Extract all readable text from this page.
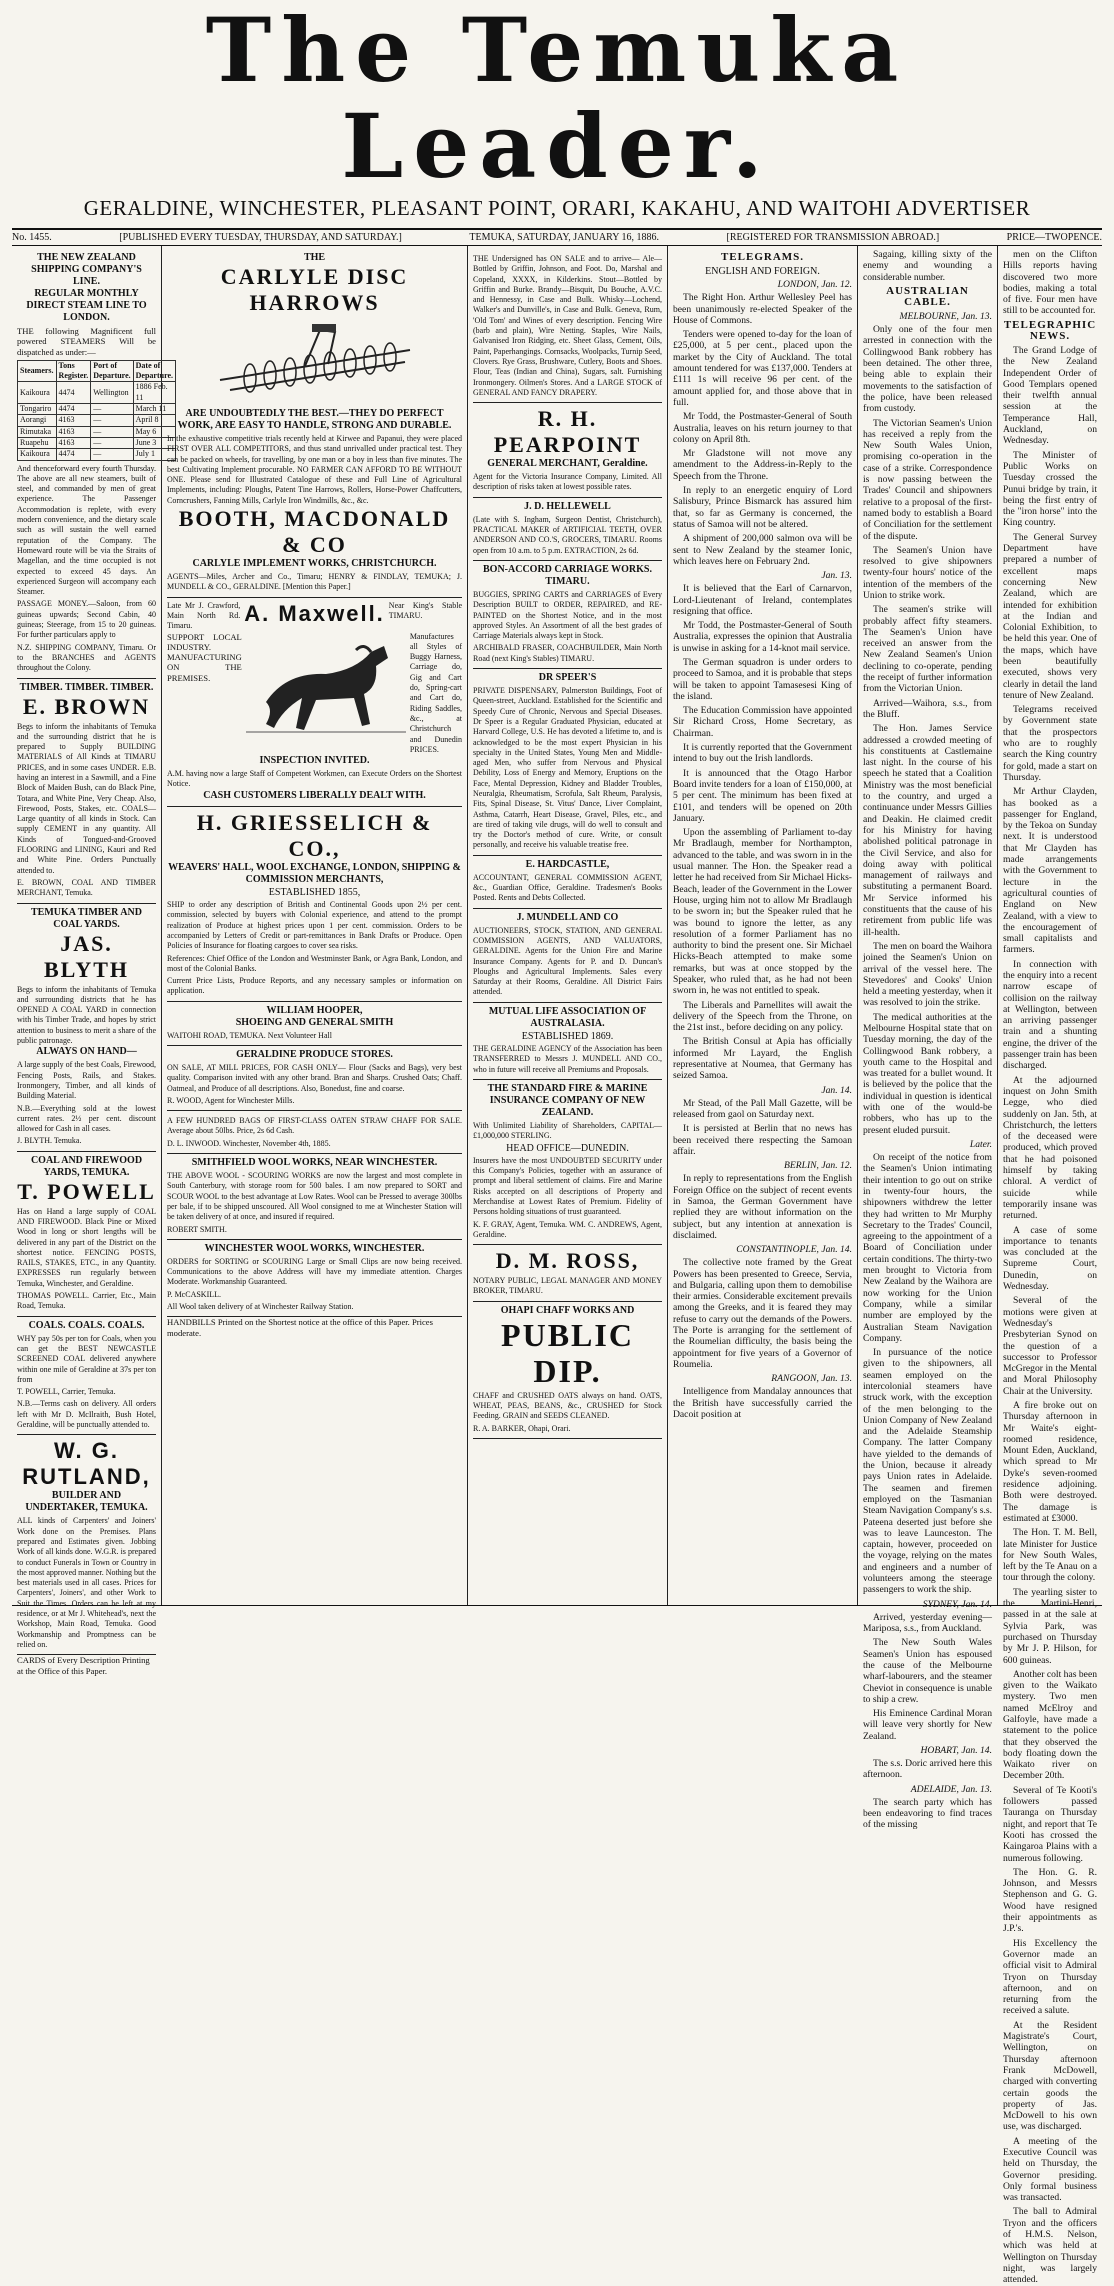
The Temuka Leader.
GERALDINE, WINCHESTER, PLEASANT POINT, ORARI, KAKAHU, AND WAITOHI ADVERTISER
No. 1455.	[PUBLISHED EVERY TUESDAY, THURSDAY, AND SATURDAY.]	TEMUKA, SATURDAY, JANUARY 16, 1886.	[REGISTERED FOR TRANSMISSION ABROAD.]	PRICE—TWOPENCE.
THE NEW ZEALAND SHIPPING COMPANY'S LINE.
REGULAR MONTHLY DIRECT STEAM LINE TO LONDON.

THE following Magnificent full powered STEAMERS Will be dispatched as under:—

Steamers.	Tons Register.	Port of Departure.	Date of Departure.
Kaikoura	4474	Wellington	1886 Feb. 11
Tongariro	4474	—	March 11
Aorangi	4163	—	April 8
Rimutaka	4163	—	May 6
Ruapehu	4163	—	June 3
Kaikoura	4474	—	July 1

And thenceforward every fourth Thursday. The above are all new steamers, built of steel, and commanded by men of great experience. The Passenger Accommodation is replete, with every modern convenience, and the dietary scale such as will sustain the well earned reputation of the Company. The Homeward route will be via the Straits of Magellan, and the time occupied is not expected to exceed 45 days. An experienced Surgeon will accompany each Steamer.

PASSAGE MONEY.—Saloon, from 60 guineas upwards; Second Cabin, 40 guineas; Steerage, from 15 to 20 guineas. For further particulars apply to

N.Z. SHIPPING COMPANY, Timaru. Or to the BRANCHES and AGENTS throughout the Colony.

TIMBER. TIMBER. TIMBER.
E. BROWN

Begs to inform the inhabitants of Temuka and the surrounding district that he is prepared to Supply BUILDING MATERIALS of All Kinds at TIMARU PRICES, and in some cases UNDER. E.B. having an interest in a Sawmill, and a Fine Block of Maiden Bush, can do Black Pine, Totara, and White Pine, Very Cheap. Also, Firewood, Posts, Stakes, etc. COALS—Large quantity of all kinds in Stock. Can supply CEMENT in any quantity. All Kinds of Tongued-and-Grooved FLOORING and LINING, Kauri and Red and White Pine. Orders Punctually attended to.

E. BROWN, COAL AND TIMBER MERCHANT, Temuka.

TEMUKA TIMBER AND COAL YARDS.
JAS. BLYTH

Begs to inform the inhabitants of Temuka and surrounding districts that he has OPENED A COAL YARD in connection with his Timber Trade, and hopes by strict attention to business to merit a share of the public patronage.

ALWAYS ON HAND—

A large supply of the best Coals, Firewood, Fencing Posts, Rails, and Stakes. Ironmongery, Timber, and all kinds of Building Material.

N.B.—Everything sold at the lowest current rates. 2½ per cent. discount allowed for Cash in all cases.

J. BLYTH. Temuka.

COAL AND FIREWOOD YARDS, TEMUKA.
T. POWELL

Has on Hand a large supply of COAL AND FIREWOOD. Black Pine or Mixed Wood in long or short lengths will be delivered in any part of the District on the shortest notice. FENCING POSTS, RAILS, STAKES, ETC., in any Quantity. EXPRESSES run regularly between Temuka, Winchester, and Geraldine.

THOMAS POWELL. Carrier, Etc., Main Road, Temuka.

COALS. COALS. COALS.

WHY pay 50s per ton for Coals, when you can get the BEST NEWCASTLE SCREENED COAL delivered anywhere within one mile of Geraldine at 37s per ton from

T. POWELL, Carrier, Temuka.

N.B.—Terms cash on delivery. All orders left with Mr D. McIlraith, Bush Hotel, Geraldine, will be punctually attended to.

W. G. RUTLAND,
BUILDER AND UNDERTAKER, TEMUKA.

ALL kinds of Carpenters' and Joiners' Work done on the Premises. Plans prepared and Estimates given. Jobbing Work of all kinds done. W.G.R. is prepared to conduct Funerals in Town or Country in the most approved manner. Nothing but the best materials used in all cases. Prices for Carpenters', Joiners', and other Work to Suit the Times. Orders can be left at my residence, or at Mr J. Whitehead's, next the Workshop, Main Road, Temuka. Good Workmanship and Promptness can be relied on.

CARDS of Every Description Printing at the Office of this Paper.

THE
CARLYLE DISC HARROWS
ARE UNDOUBTEDLY THE BEST.—THEY DO PERFECT WORK, ARE EASY TO HANDLE, STRONG AND DURABLE.

In the exhaustive competitive trials recently held at Kirwee and Papanui, they were placed FIRST OVER ALL COMPETITORS, and thus stand unrivalled under practical test. They can be packed on wheels, for travelling, by one man or a boy in less than five minutes. The best Cultivating Implement procurable. NO FARMER CAN AFFORD TO BE WITHOUT ONE. Please send for Illustrated Catalogue of these and Full Line of Agricultural Implements, including: Ploughs, Patent Tine Harrows, Rollers, Horse-Power Chaffcutters, Corncrushers, Fanning Mills, Carlyle Iron Windmills, &c., &c.

BOOTH, MACDONALD & CO
CARLYLE IMPLEMENT WORKS, CHRISTCHURCH.

AGENTS—Miles, Archer and Co., Timaru; HENRY & FINDLAY, TEMUKA; J. MUNDELL & CO., GERALDINE. [Mention this Paper.]

Late Mr J. Crawford, Main North Rd. Timaru.
A. Maxwell. Near King's Stable TIMARU.
SUPPORT LOCAL INDUSTRY. MANUFACTURING ON THE PREMISES.
Manufactures all Styles of Buggy Harness, Carriage do, Gig and Cart do, Spring-cart and Cart do, Riding Saddles, &c., at Christchurch and Dunedin PRICES.
INSPECTION INVITED.

A.M. having now a large Staff of Competent Workmen, can Execute Orders on the Shortest Notice.

CASH CUSTOMERS LIBERALLY DEALT WITH.
H. GRIESSELICH & CO.,
WEAVERS' HALL, WOOL EXCHANGE, LONDON, SHIPPING & COMMISSION MERCHANTS,
ESTABLISHED 1855,

SHIP to order any description of British and Continental Goods upon 2½ per cent. commission, selected by buyers with Colonial experience, and attend to the prompt realization of Produce at highest prices upon 1 per cent. commission. Orders to be accompanied by Letters of Credit or part-remittances in Bank Drafts or Produce. Open Policies of Insurance for floating cargoes to cover sea risks.

References: Chief Office of the London and Westminster Bank, or Agra Bank, London, and most of the Colonial Banks.

Current Price Lists, Produce Reports, and any necessary samples or information on application.

WILLIAM HOOPER,
SHOEING AND GENERAL SMITH

WAITOHI ROAD, TEMUKA. Next Volunteer Hall

GERALDINE PRODUCE STORES.

ON SALE, AT MILL PRICES, FOR CASH ONLY— Flour (Sacks and Bags), very best quality. Comparison invited with any other brand. Bran and Sharps. Crushed Oats; Chaff. Oatmeal, and Produce of all descriptions. Also, Bonedust, fine and coarse.

R. WOOD, Agent for Winchester Mills.

A FEW HUNDRED BAGS OF FIRST-CLASS OATEN STRAW CHAFF FOR SALE. Average about 50lbs. Price, 2s 6d Cash.

D. L. INWOOD. Winchester, November 4th, 1885.

SMITHFIELD WOOL WORKS, NEAR WINCHESTER.

THE ABOVE WOOL - SCOURING WORKS are now the largest and most complete in South Canterbury, with storage room for 500 bales. I am now prepared to SORT and SCOUR WOOL to the best advantage at Low Rates. Wool can be Pressed to average 300lbs per bale, if to be shipped unscoured. All Wool consigned to me at Winchester Station will be taken delivery of at once, and insured if required.

ROBERT SMITH.

WINCHESTER WOOL WORKS, WINCHESTER.

ORDERS for SORTING or SCOURING Large or Small Clips are now being received. Communications to the above Address will have my immediate attention. Charges Moderate. Workmanship Guaranteed.

P. McCASKILL.

All Wool taken delivery of at Winchester Railway Station.

HANDBILLS Printed on the Shortest notice at the office of this Paper. Prices moderate.

THE Undersigned has ON SALE and to arrive— Ale—Bottled by Griffin, Johnson, and Foot. Do, Marshal and Copeland, XXXX, in Kilderkins. Stout—Bottled by Griffin and Burke. Brandy—Bisquit, Du Bouche, A.V.C. and Hennessy, in Case and Bulk. Whisky—Lochend, Walker's and Dunville's, in Case and Bulk. Geneva, Rum, 'Old Tom' and Wines of every description. Fencing Wire (barb and plain), Wire Netting. Staples, Wire Nails, Galvanised Iron Ridging, etc. Sheet Glass, Cement, Oils, Paint, Paperhangings. Cornsacks, Woolpacks, Turnip Seed, Clovers. Rye Grass, Brushware, Cutlery, Boots and Shoes. Flour, Teas (Indian and China), Sugars, salt. Furnishing Ironmongery. Oilmen's Stores. And a LARGE STOCK of GENERAL AND FANCY DRAPERY.

R. H. PEARPOINT
GENERAL MERCHANT, Geraldine.

Agent for the Victoria Insurance Company, Limited. All description of risks taken at lowest possible rates.

J. D. HELLEWELL

(Late with S. Ingham, Surgeon Dentist, Christchurch), PRACTICAL MAKER of ARTIFICIAL TEETH, OVER ANDERSON AND CO.'S, GROCERS, TIMARU. Rooms open from 10 a.m. to 5 p.m. EXTRACTION, 2s 6d.

BON-ACCORD CARRIAGE WORKS. TIMARU.

BUGGIES, SPRING CARTS and CARRIAGES of Every Description BUILT to ORDER, REPAIRED, and RE-PAINTED on the Shortest Notice, and in the most approved Styles. An Assortment of all the best grades of Carriage Materials always kept in Stock.

ARCHIBALD FRASER, COACHBUILDER, Main North Road (next King's Stables) TIMARU.

DR SPEER'S

PRIVATE DISPENSARY, Palmerston Buildings, Foot of Queen-street, Auckland. Established for the Scientific and Speedy Cure of Chronic, Nervous and Special Diseases. Dr Speer is a Regular Graduated Physician, educated at Harvard College, U.S. He has devoted a lifetime to, and is acknowledged to be the most expert Physician in his specialty in the United States, Young Men and Middle-aged Men, who suffer from Nervous and Physical Debility, Loss of Energy and Memory, Eruptions on the Face, Mental Depression, Kidney and Bladder Troubles, Neuralgia, Rheumatism, Scrofula, Salt Rheum, Paralysis, Fits, Spinal Disease, St. Vitus' Dance, Liver Complaint, Asthma, Catarrh, Heart Disease, Gravel, Piles, etc., and are tired of taking vile drugs, will do well to consult and try the Doctor's method of cure. Write, or consult personally, and receive his valuable treatise free.

E. HARDCASTLE,

ACCOUNTANT, GENERAL COMMISSION AGENT, &c., Guardian Office, Geraldine. Tradesmen's Books Posted. Rents and Debts Collected.

J. MUNDELL AND CO

AUCTIONEERS, STOCK, STATION, AND GENERAL COMMISSION AGENTS, AND VALUATORS, GERALDINE. Agents for the Union Fire and Marine Insurance Company. Agents for P. and D. Duncan's Ploughs and Agricultural Implements. Sales every Saturday at their Rooms, Geraldine. All District Fairs attended.

MUTUAL LIFE ASSOCIATION OF AUSTRALASIA.
ESTABLISHED 1869.

THE GERALDINE AGENCY of the Association has been TRANSFERRED to Messrs J. MUNDELL AND CO., who in future will receive all Premiums and Proposals.

THE STANDARD FIRE & MARINE INSURANCE COMPANY OF NEW ZEALAND.

With Unlimited Liability of Shareholders, CAPITAL—£1,000,000 STERLING.

HEAD OFFICE—DUNEDIN.

Insurers have the most UNDOUBTED SECURITY under this Company's Policies, together with an assurance of prompt and liberal settlement of claims. Fire and Marine Risks accepted on all descriptions of Property and Merchandise at Lowest Rates of Premium. Fidelity of Persons holding situations of trust guaranteed.

K. F. GRAY, Agent, Temuka. WM. C. ANDREWS, Agent, Geraldine.

D. M. ROSS,

NOTARY PUBLIC, LEGAL MANAGER AND MONEY BROKER, TIMARU.

OHAPI CHAFF WORKS AND
PUBLIC DIP.

CHAFF and CRUSHED OATS always on hand. OATS, WHEAT, PEAS, BEANS, &c., CRUSHED for Stock Feeding. GRAIN and SEEDS CLEANED.

R. A. BARKER, Ohapi, Orari.

TELEGRAMS.
ENGLISH AND FOREIGN.
LONDON, Jan. 12.

The Right Hon. Arthur Wellesley Peel has been unanimously re-elected Speaker of the House of Commons.

Tenders were opened to-day for the loan of £25,000, at 5 per cent., placed upon the market by the City of Auckland. The total amount tendered for was £137,000. Tenders at £111 1s will receive 96 per cent. of the amount applied for, and those above that in full.

Mr Todd, the Postmaster-General of South Australia, leaves on his return journey to that colony on April 8th.

Mr Gladstone will not move any amendment to the Address-in-Reply to the Speech from the Throne.

In reply to an energetic enquiry of Lord Salisbury, Prince Bismarck has assured him that, so far as Germany is concerned, the status of Samoa will not be altered.

A shipment of 200,000 salmon ova will be sent to New Zealand by the steamer Ionic, which leaves here on February 2nd.

Jan. 13.

It is believed that the Earl of Carnarvon, Lord-Lieutenant of Ireland, contemplates resigning that office.

Mr Todd, the Postmaster-General of South Australia, expresses the opinion that Australia is unwise in asking for a 14-knot mail service.

The German squadron is under orders to proceed to Samoa, and it is probable that steps will be taken to appoint Tamasesesi King of the island.

The Education Commission have appointed Sir Richard Cross, Home Secretary, as Chairman.

It is currently reported that the Government intend to buy out the Irish landlords.

It is announced that the Otago Harbor Board invite tenders for a loan of £150,000, at 5 per cent. The minimum has been fixed at £101, and tenders will be opened on 20th January.

Upon the assembling of Parliament to-day Mr Bradlaugh, member for Northampton, advanced to the table, and was sworn in in the usual manner. The Hon. the Speaker read a letter he had received from Sir Michael Hicks-Beach, leader of the Government in the Lower House, urging him not to allow Mr Bradlaugh to be sworn in; but the Speaker ruled that he was bound to ignore the letter, as any resolution of a former Parliament has no authority to bind the present one. Sir Michael Hicks-Beach attempted to make some remarks, but was at once stopped by the Speaker, who ruled that, as he had not been sworn in, he was not entitled to speak.

The Liberals and Parnellites will await the delivery of the Speech from the Throne, on the 21st inst., before deciding on any policy.

The British Consul at Apia has officially informed Mr Layard, the English representative at Noumea, that Germany has seized Samoa.

Jan. 14.

Mr Stead, of the Pall Mall Gazette, will be released from gaol on Saturday next.

It is persisted at Berlin that no news has been received there respecting the Samoan affair.

BERLIN, Jan. 12.

In reply to representations from the English Foreign Office on the subject of recent events in Samoa, the German Government have replied they are without information on the subject, but any intention at annexation is disclaimed.

CONSTANTINOPLE, Jan. 14.

The collective note framed by the Great Powers has been presented to Greece, Servia, and Bulgaria, calling upon them to demobilise their armies. Considerable excitement prevails among the Greeks, and it is feared they may refuse to carry out the demands of the Powers. The Porte is arranging for the settlement of the Roumelian difficulty, the basis being the appointment for five years of a Governor of Roumelia.

RANGOON, Jan. 13.

Intelligence from Mandalay announces that the British have successfully carried the Dacoit position at

Sagaing, killing sixty of the enemy and wounding a considerable number.

AUSTRALIAN CABLE.
MELBOURNE, Jan. 13.

Only one of the four men arrested in connection with the Collingwood Bank robbery has been detained. The other three, being able to explain their movements to the satisfaction of the police, have been released from custody.

The Victorian Seamen's Union has received a reply from the New South Wales Union, promising co-operation in the case of a strike. Correspondence is now passing between the Trades' Council and shipowners relative to a proposal of the first-named body to establish a Board of Conciliation for the settlement of the dispute.

The Seamen's Union have resolved to give shipowners twenty-four hours' notice of the intention of the members of the Union to strike work.

The seamen's strike will probably affect fifty steamers. The Seamen's Union have received an answer from the New Zealand Seamen's Union declining to co-operate, pending the receipt of further information from the Victorian Union.

Arrived—Waihora, s.s., from the Bluff.

The Hon. James Service addressed a crowded meeting of his constituents at Castlemaine last night. In the course of his speech he stated that a Coalition Ministry was the most beneficial to the country, and urged a continuance under Messrs Gillies and Deakin. He claimed credit for his Ministry for having abolished political patronage in the Civil Service, and also for doing away with political management of railways and substituting a permanent Board. Mr Service informed his constituents that the cause of his retirement from public life was ill-health.

The men on board the Waihora joined the Seamen's Union on arrival of the vessel here. The Stevedores' and Cooks' Union held a meeting yesterday, when it was resolved to join the strike.

The medical authorities at the Melbourne Hospital state that on Tuesday morning, the day of the Collingwood Bank robbery, a youth came to the Hospital and was treated for a bullet wound. It is believed by the police that the individual in question is identical with one of the would-be robbers, who has up to the present eluded pursuit.

Later.

On receipt of the notice from the Seamen's Union intimating their intention to go out on strike in twenty-four hours, the shipowners withdrew the letter they had written to Mr Murphy Secretary to the Trades' Council, agreeing to the appointment of a Board of Conciliation under certain conditions. The thirty-two men brought to Victoria from New Zealand by the Waihora are now working for the Union Company, while a similar number are employed by the Australian Steam Navigation Company.

In pursuance of the notice given to the shipowners, all seamen employed on the intercolonial steamers have struck work, with the exception of the men belonging to the Union Company of New Zealand and the Adelaide Steamship Company. The latter Company have yielded to the demands of the Union, because it already pays Union rates in Adelaide. The seamen and firemen employed on the Tasmanian Steam Navigation Company's s.s. Pateena deserted just before she was to leave Launceston. The captain, however, proceeded on the voyage, relying on the mates and engineers and a number of volunteers among the steerage passengers to work the ship.

SYDNEY, Jan. 14.

Arrived, yesterday evening—Mariposa, s.s., from Auckland.

The New South Wales Seamen's Union has espoused the cause of the Melbourne wharf-labourers, and the steamer Cheviot in consequence is unable to ship a crew.

His Eminence Cardinal Moran will leave very shortly for New Zealand.

HOBART, Jan. 14.

The s.s. Doric arrived here this afternoon.

ADELAIDE, Jan. 13.

The search party which has been endeavoring to find traces of the missing

men on the Clifton Hills reports having discovered two more bodies, making a total of five. Four men have still to be accounted for.

TELEGRAPHIC NEWS.

The Grand Lodge of the New Zealand Independent Order of Good Templars opened their twelfth annual session at the Temperance Hall, Auckland, on Wednesday.

The Minister of Public Works on Tuesday crossed the Punui bridge by train, it being the first entry of the "iron horse" into the King country.

The General Survey Department have prepared a number of excellent maps concerning New Zealand, which are intended for exhibition at the Indian and Colonial Exhibition, to be held this year. One of the maps, which have been beautifully executed, shows very clearly in detail the land tenure of New Zealand.

Telegrams received by Government state that the prospectors who are to roughly search the King country for gold, made a start on Thursday.

Mr Arthur Clayden, has booked as a passenger for England, by the Tekoa on Sunday next. It is understood that Mr Clayden has made arrangements with the Government to lecture in the agricultural counties of England on New Zealand, with a view to the encouragement of small capitalists and farmers.

In connection with the enquiry into a recent narrow escape of collision on the railway at Wellington, between an arriving passenger train and a shunting engine, the driver of the passenger train has been discharged.

At the adjourned inquest on John Smith Legge, who died suddenly on Jan. 5th, at Christchurch, the letters of the deceased were produced, which proved that he had poisoned himself by taking chloral. A verdict of suicide while temporarily insane was returned.

A case of some importance to tenants was concluded at the Supreme Court, Dunedin, on Wednesday.

Several of the motions were given at Wednesday's Presbyterian Synod on the question of a successor to Professor McGregor in the Mental and Moral Philosophy Chair at the University.

A fire broke out on Thursday afternoon in Mr Waite's eight-roomed residence, Mount Eden, Auckland, which spread to Mr Dyke's seven-roomed residence adjoining. Both were destroyed. The damage is estimated at £3000.

The Hon. T. M. Bell, late Minister for Justice for New South Wales, left by the Te Anau on a tour through the colony.

The yearling sister to the Martini-Henri, passed in at the sale at Sylvia Park, was purchased on Thursday by Mr J. P. Hilson, for 600 guineas.

Another colt has been given to the Waikato mystery. Two men named McElroy and Galfoyle, have made a statement to the police that they observed the body floating down the Waikato river on December 20th.

Several of Te Kooti's followers passed Tauranga on Thursday night, and report that Te Kooti has crossed the Kaingaroa Plains with a numerous following.

The Hon. G. R. Johnson, and Messrs Stephenson and G. G. Wood have resigned their appointments as J.P.'s.

His Excellency the Governor made an official visit to Admiral Tryon on Thursday afternoon, and on returning from the received a salute.

At the Resident Magistrate's Court, Wellington, on Thursday afternoon Frank McDowell, charged with converting certain goods the property of Jas. McDowell to his own use, was discharged.

A meeting of the Executive Council was held on Thursday, the Governor presiding. Only formal business was transacted.

The ball to Admiral Tryon and the officers of H.M.S. Nelson, which was held at Wellington on Thursday night, was largely attended.
